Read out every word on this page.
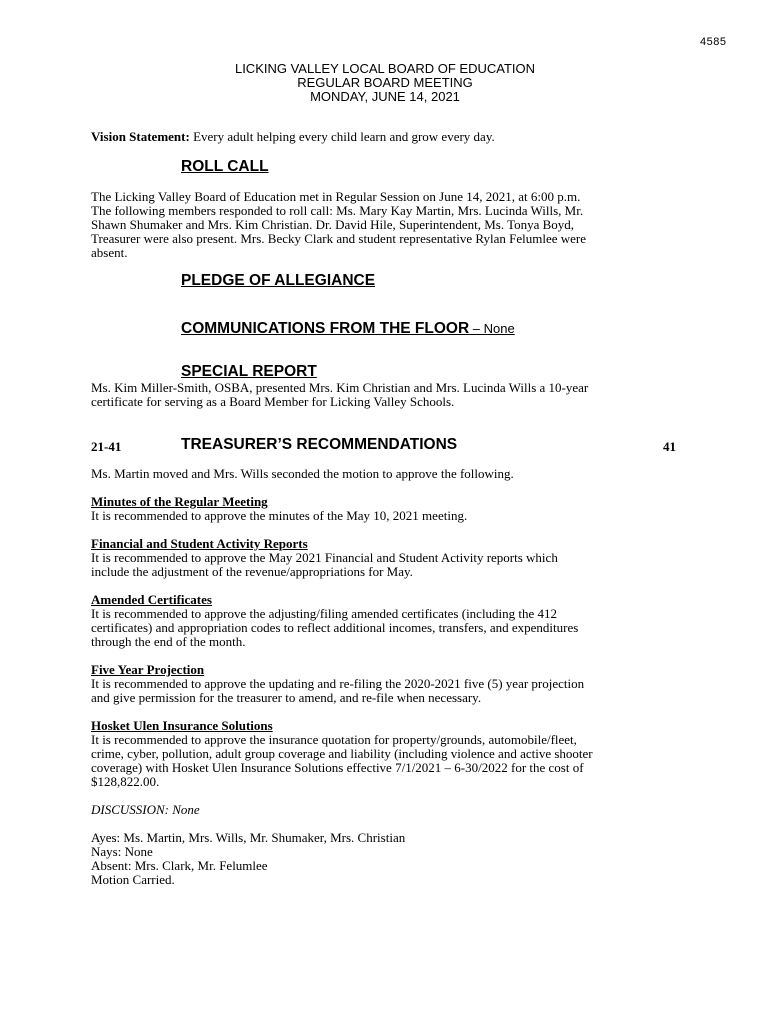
4585
LICKING VALLEY LOCAL BOARD OF EDUCATION
REGULAR BOARD MEETING
MONDAY, JUNE 14, 2021
Vision Statement: Every adult helping every child learn and grow every day.
ROLL CALL

The Licking Valley Board of Education met in Regular Session on June 14, 2021, at 6:00 p.m.

The following members responded to roll call: Ms. Mary Kay Martin, Mrs. Lucinda Wills, Mr.

Shawn Shumaker and Mrs. Kim Christian. Dr. David Hile, Superintendent, Ms. Tonya Boyd,

Treasurer were also present. Mrs. Becky Clark and student representative Rylan Felumlee were

absent.

PLEDGE OF ALLEGIANCE
COMMUNICATIONS FROM THE FLOOR – None
SPECIAL REPORT

Ms. Kim Miller-Smith, OSBA, presented Mrs. Kim Christian and Mrs. Lucinda Wills a 10-year

certificate for serving as a Board Member for Licking Valley Schools.

21-41	TREASURER’S RECOMMENDATIONS	41
Ms. Martin moved and Mrs. Wills seconded the motion to approve the following.

Minutes of the Regular Meeting

It is recommended to approve the minutes of the May 10, 2021 meeting.

Financial and Student Activity Reports

It is recommended to approve the May 2021 Financial and Student Activity reports which

include the adjustment of the revenue/appropriations for May.

Amended Certificates

It is recommended to approve the adjusting/filing amended certificates (including the 412

certificates) and appropriation codes to reflect additional incomes, transfers, and expenditures

through the end of the month.

Five Year Projection

It is recommended to approve the updating and re-filing the 2020-2021 five (5) year projection

and give permission for the treasurer to amend, and re-file when necessary.

Hosket Ulen Insurance Solutions

It is recommended to approve the insurance quotation for property/grounds, automobile/fleet,

crime, cyber, pollution, adult group coverage and liability (including violence and active shooter

coverage) with Hosket Ulen Insurance Solutions effective 7/1/2021 – 6-30/2022 for the cost of

$128,822.00.

DISCUSSION: None

Ayes: Ms. Martin, Mrs. Wills, Mr. Shumaker, Mrs. Christian

Nays: None

Absent: Mrs. Clark, Mr. Felumlee

Motion Carried.
